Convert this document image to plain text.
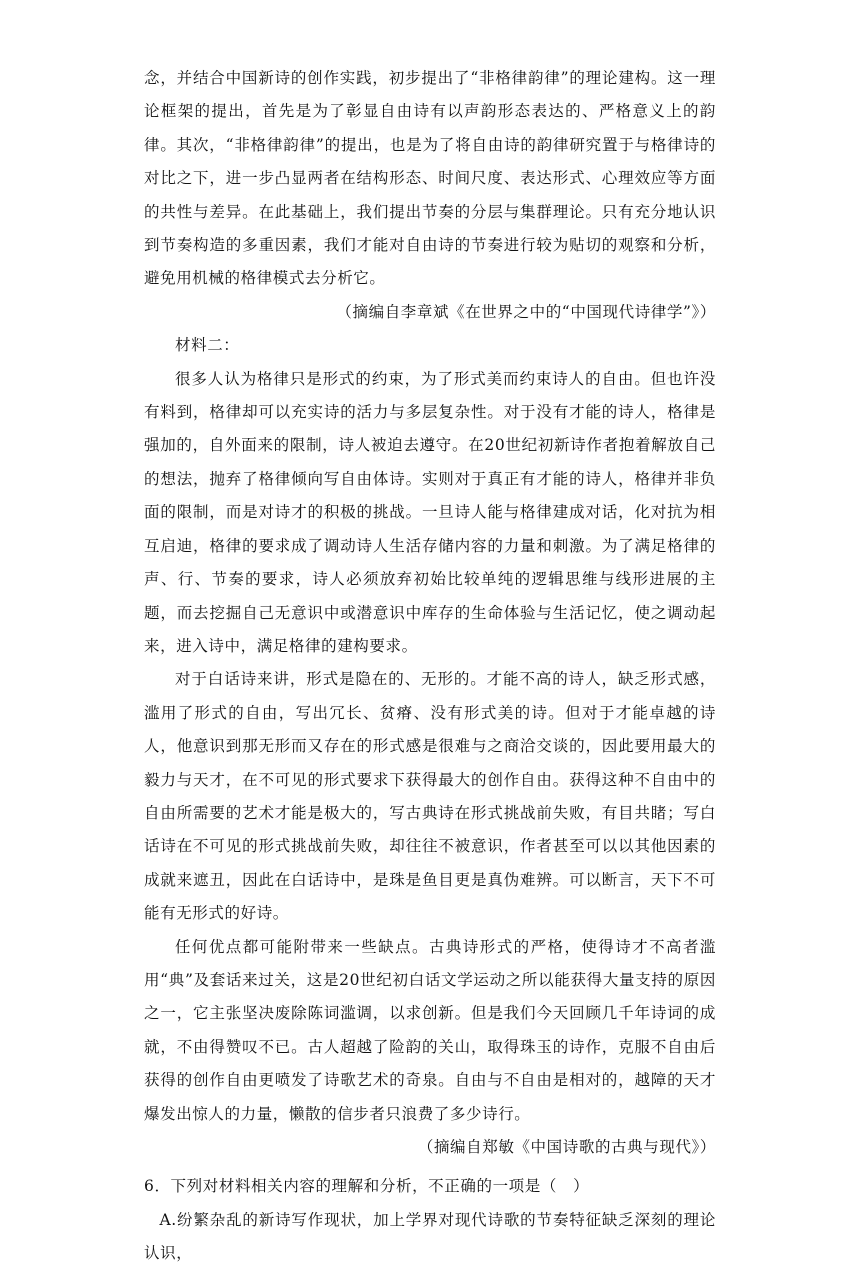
念，并结合中国新诗的创作实践，初步提出了“非格律韵律”的理论建构。这一理论框架的提出，首先是为了彰显自由诗有以声韵形态表达的、严格意义上的韵律。其次，“非格律韵律”的提出，也是为了将自由诗的韵律研究置于与格律诗的对比之下，进一步凸显两者在结构形态、时间尺度、表达形式、心理效应等方面的共性与差异。在此基础上，我们提出节奏的分层与集群理论。只有充分地认识到节奏构造的多重因素，我们才能对自由诗的节奏进行较为贴切的观察和分析，避免用机械的格律模式去分析它。

（摘编自李章斌《在世界之中的“中国现代诗律学”》）

材料二：

很多人认为格律只是形式的约束，为了形式美而约束诗人的自由。但也许没有料到，格律却可以充实诗的活力与多层复杂性。对于没有才能的诗人，格律是强加的，自外面来的限制，诗人被迫去遵守。在20世纪初新诗作者抱着解放自己的想法，抛弃了格律倾向写自由体诗。实则对于真正有才能的诗人，格律并非负面的限制，而是对诗才的积极的挑战。一旦诗人能与格律建成对话，化对抗为相互启迪，格律的要求成了调动诗人生活存储内容的力量和刺激。为了满足格律的声、行、节奏的要求，诗人必须放弃初始比较单纯的逻辑思维与线形进展的主题，而去挖掘自己无意识中或潜意识中库存的生命体验与生活记忆，使之调动起来，进入诗中，满足格律的建构要求。

对于白话诗来讲，形式是隐在的、无形的。才能不高的诗人，缺乏形式感，滥用了形式的自由，写出冗长、贫瘠、没有形式美的诗。但对于才能卓越的诗人，他意识到那无形而又存在的形式感是很难与之商洽交谈的，因此要用最大的毅力与天才，在不可见的形式要求下获得最大的创作自由。获得这种不自由中的自由所需要的艺术才能是极大的，写古典诗在形式挑战前失败，有目共睹；写白话诗在不可见的形式挑战前失败，却往往不被意识，作者甚至可以以其他因素的成就来遮丑，因此在白话诗中，是珠是鱼目更是真伪难辨。可以断言，天下不可能有无形式的好诗。

任何优点都可能附带来一些缺点。古典诗形式的严格，使得诗才不高者滥用“典”及套话来过关，这是20世纪初白话文学运动之所以能获得大量支持的原因之一，它主张坚决废除陈词滥调，以求创新。但是我们今天回顾几千年诗词的成就，不由得赞叹不已。古人超越了险韵的关山，取得珠玉的诗作，克服不自由后获得的创作自由更喷发了诗歌艺术的奇泉。自由与不自由是相对的，越障的天才爆发出惊人的力量，懒散的信步者只浪费了多少诗行。

（摘编自郑敏《中国诗歌的古典与现代》）

6．下列对材料相关内容的理解和分析，不正确的一项是（　）

A.纷繁杂乱的新诗写作现状，加上学界对现代诗歌的节奏特征缺乏深刻的理论认识，
